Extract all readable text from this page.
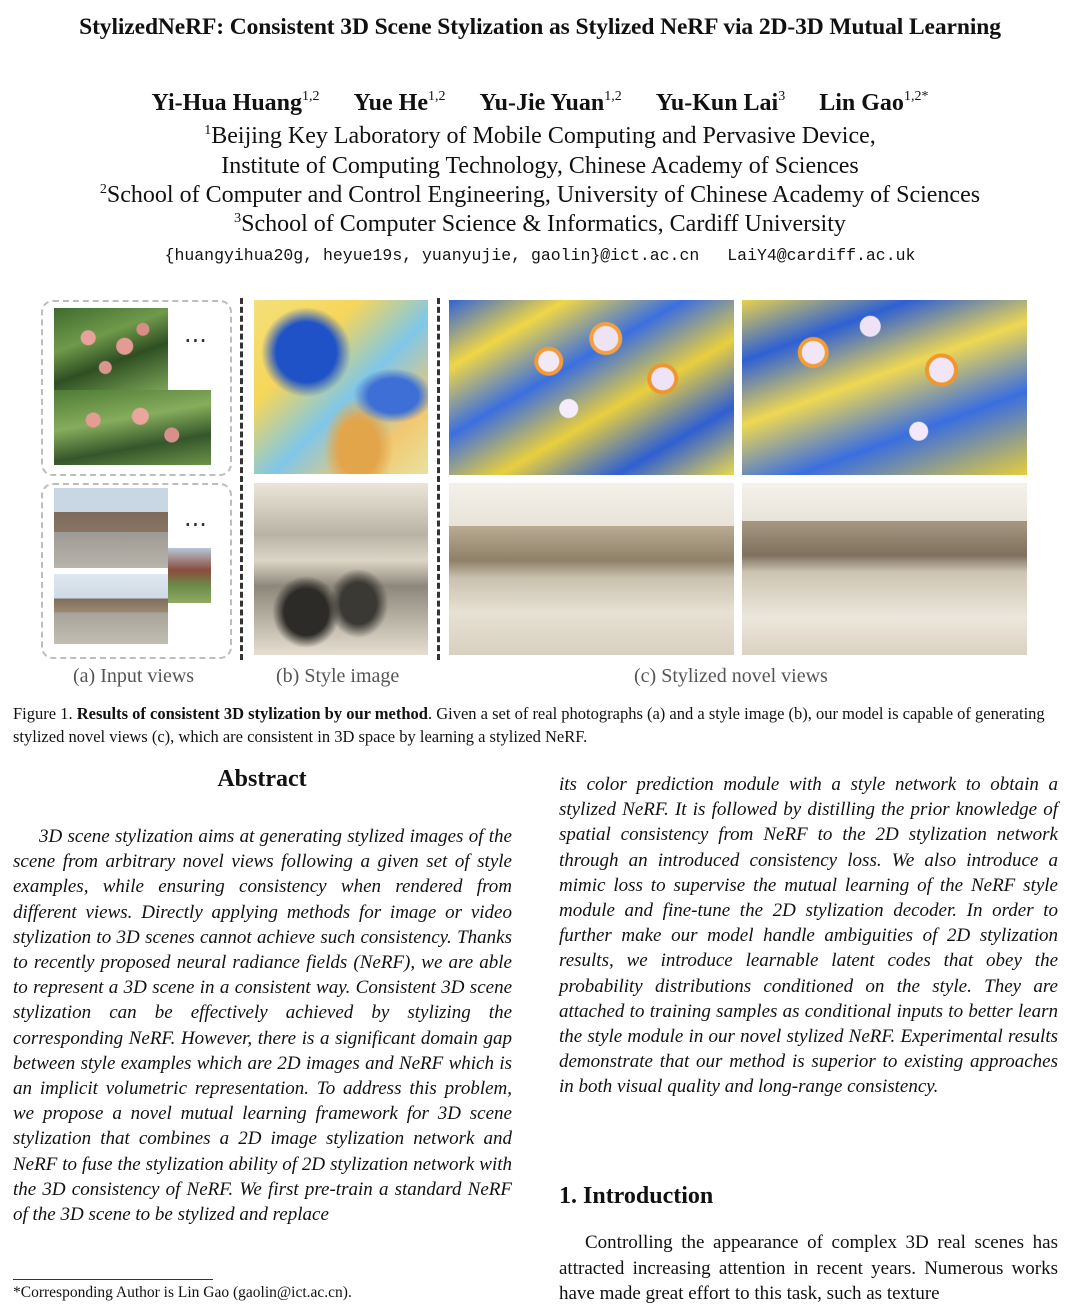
StylizedNeRF: Consistent 3D Scene Stylization as Stylized NeRF via 2D-3D Mutual Learning
Yi-Hua Huang$^{1,2}$ Yue He$^{1,2}$ Yu-Jie Yuan$^{1,2}$ Yu-Kun Lai$^3$ Lin Gao$^{1,2*}$
$^1$Beijing Key Laboratory of Mobile Computing and Pervasive Device,
Institute of Computing Technology, Chinese Academy of Sciences
$^2$School of Computer and Control Engineering, University of Chinese Academy of Sciences
$^3$School of Computer Science & Informatics, Cardiff University
{huangyihua20g, heyue19s, yuanyujie, gaolin}@ict.ac.cn LaiY4@cardiff.ac.uk
...
...
(a) Input views	(b) Style image	(c) Stylized novel views
Figure 1. Results of consistent 3D stylization by our method. Given a set of real photographs (a) and a style image (b), our model is capable of generating stylized novel views (c), which are consistent in 3D space by learning a stylized NeRF.
Abstract

3D scene stylization aims at generating stylized images of the scene from arbitrary novel views following a given set of style examples, while ensuring consistency when rendered from different views. Directly applying methods for image or video stylization to 3D scenes cannot achieve such consistency. Thanks to recently proposed neural radiance fields (NeRF), we are able to represent a 3D scene in a consistent way. Consistent 3D scene stylization can be effectively achieved by stylizing the corresponding NeRF. However, there is a significant domain gap between style examples which are 2D images and NeRF which is an implicit volumetric representation. To address this problem, we propose a novel mutual learning framework for 3D scene stylization that combines a 2D image stylization network and NeRF to fuse the stylization ability of 2D stylization network with the 3D consistency of NeRF. We first pre-train a standard NeRF of the 3D scene to be stylized and replace

its color prediction module with a style network to obtain a stylized NeRF. It is followed by distilling the prior knowledge of spatial consistency from NeRF to the 2D stylization network through an introduced consistency loss. We also introduce a mimic loss to supervise the mutual learning of the NeRF style module and fine-tune the 2D stylization decoder. In order to further make our model handle ambiguities of 2D stylization results, we introduce learnable latent codes that obey the probability distributions conditioned on the style. They are attached to training samples as conditional inputs to better learn the style module in our novel stylized NeRF. Experimental results demonstrate that our method is superior to existing approaches in both visual quality and long-range consistency.

1. Introduction

Controlling the appearance of complex 3D real scenes has attracted increasing attention in recent years. Numerous works have made great effort to this task, such as texture

*Corresponding Author is Lin Gao (gaolin@ict.ac.cn).
